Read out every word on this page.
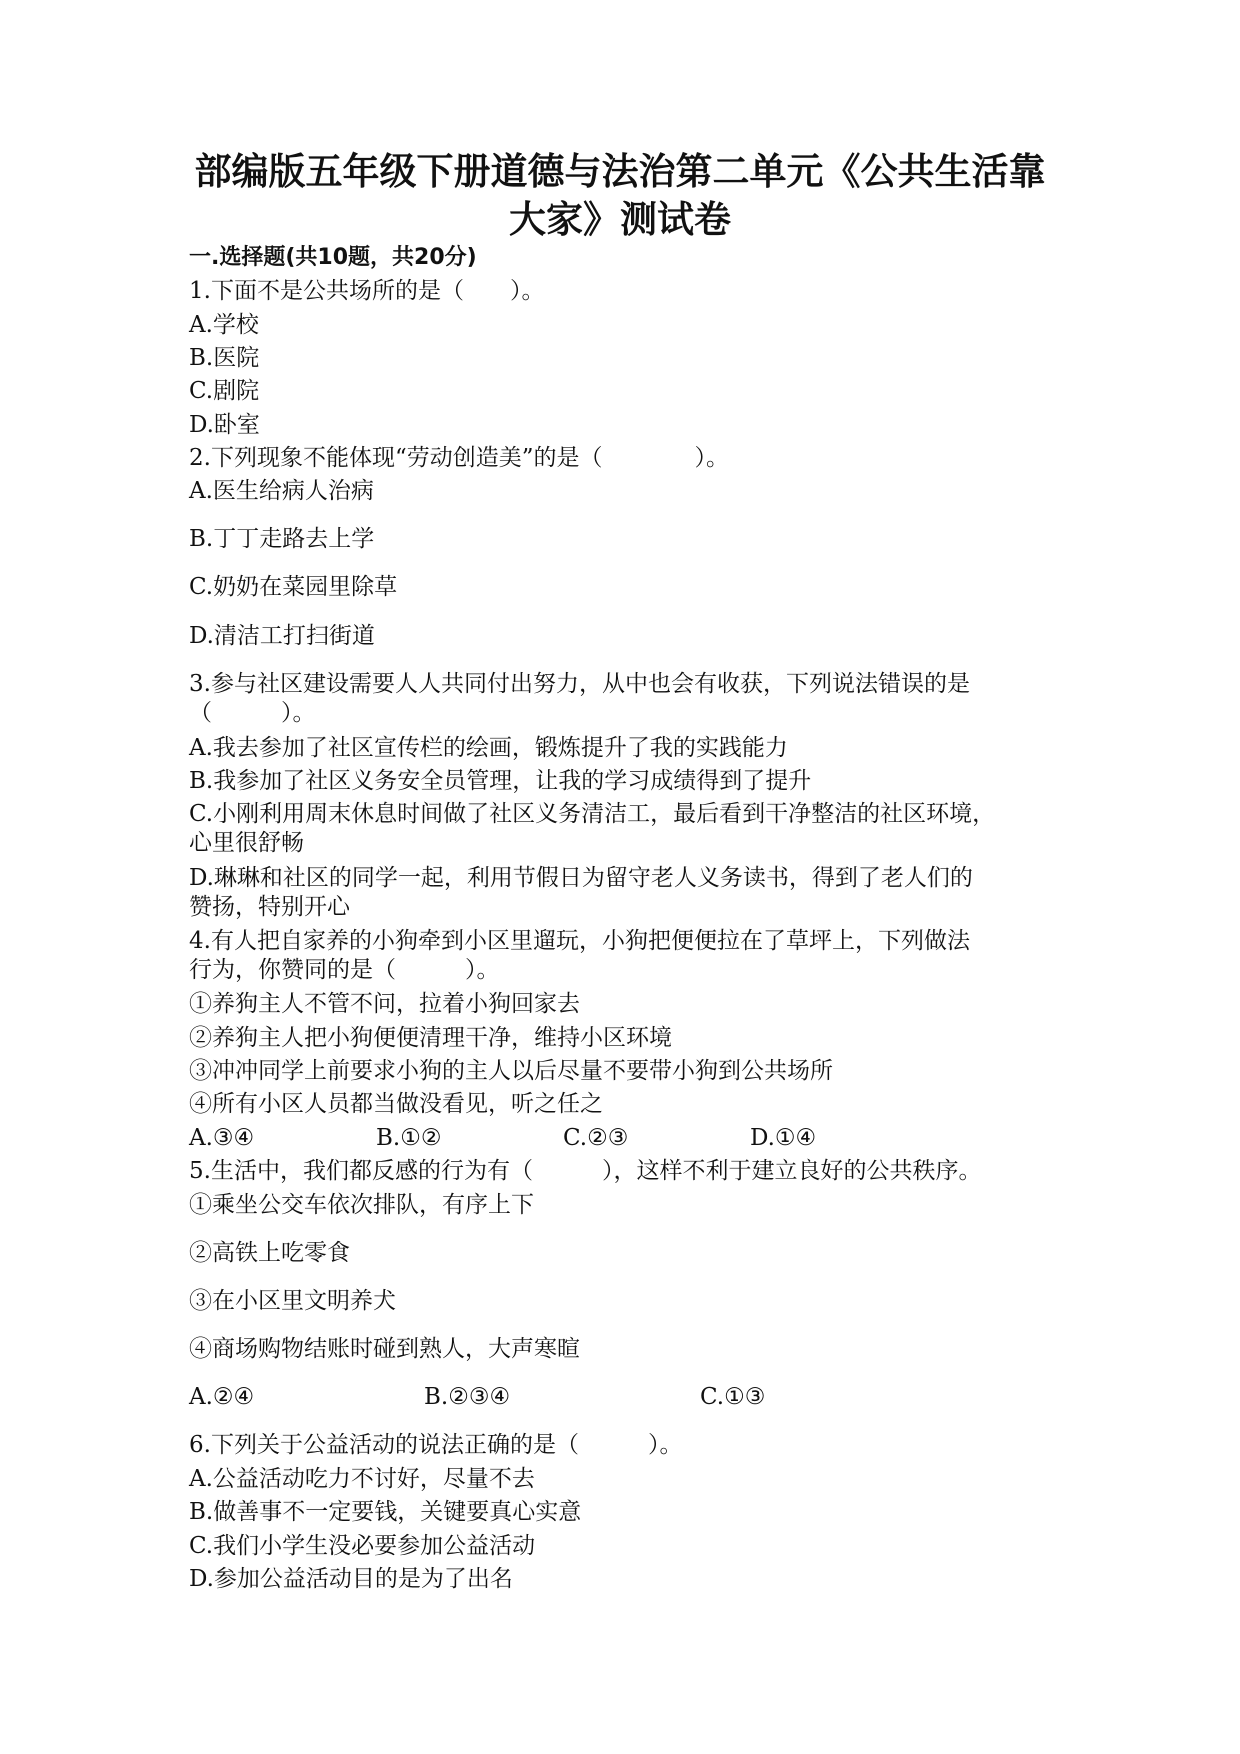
部编版五年级下册道德与法治第二单元《公共生活靠
大家》测试卷
一.选择题(共10题，共20分)
1.下面不是公共场所的是（　　）。
A.学校
B.医院
C.剧院
D.卧室
2.下列现象不能体现“劳动创造美”的是（　　　　）。
A.医生给病人治病
B.丁丁走路去上学
C.奶奶在菜园里除草
D.清洁工打扫街道
3.参与社区建设需要人人共同付出努力，从中也会有收获，下列说法错误的是
（　　　）。
A.我去参加了社区宣传栏的绘画，锻炼提升了我的实践能力
B.我参加了社区义务安全员管理，让我的学习成绩得到了提升
C.小刚利用周末休息时间做了社区义务清洁工，最后看到干净整洁的社区环境，
心里很舒畅
D.琳琳和社区的同学一起，利用节假日为留守老人义务读书，得到了老人们的
赞扬，特别开心
4.有人把自家养的小狗牵到小区里遛玩，小狗把便便拉在了草坪上，下列做法
行为，你赞同的是（　　　）。
①养狗主人不管不问，拉着小狗回家去
②养狗主人把小狗便便清理干净，维持小区环境
③冲冲同学上前要求小狗的主人以后尽量不要带小狗到公共场所
④所有小区人员都当做没看见，听之任之
A.③④	B.①②	C.②③	D.①④
5.生活中，我们都反感的行为有（　　　），这样不利于建立良好的公共秩序。
①乘坐公交车依次排队，有序上下
②高铁上吃零食
③在小区里文明养犬
④商场购物结账时碰到熟人，大声寒暄
A.②④	B.②③④	C.①③
6.下列关于公益活动的说法正确的是（　　　）。
A.公益活动吃力不讨好，尽量不去
B.做善事不一定要钱，关键要真心实意
C.我们小学生没必要参加公益活动
D.参加公益活动目的是为了出名
